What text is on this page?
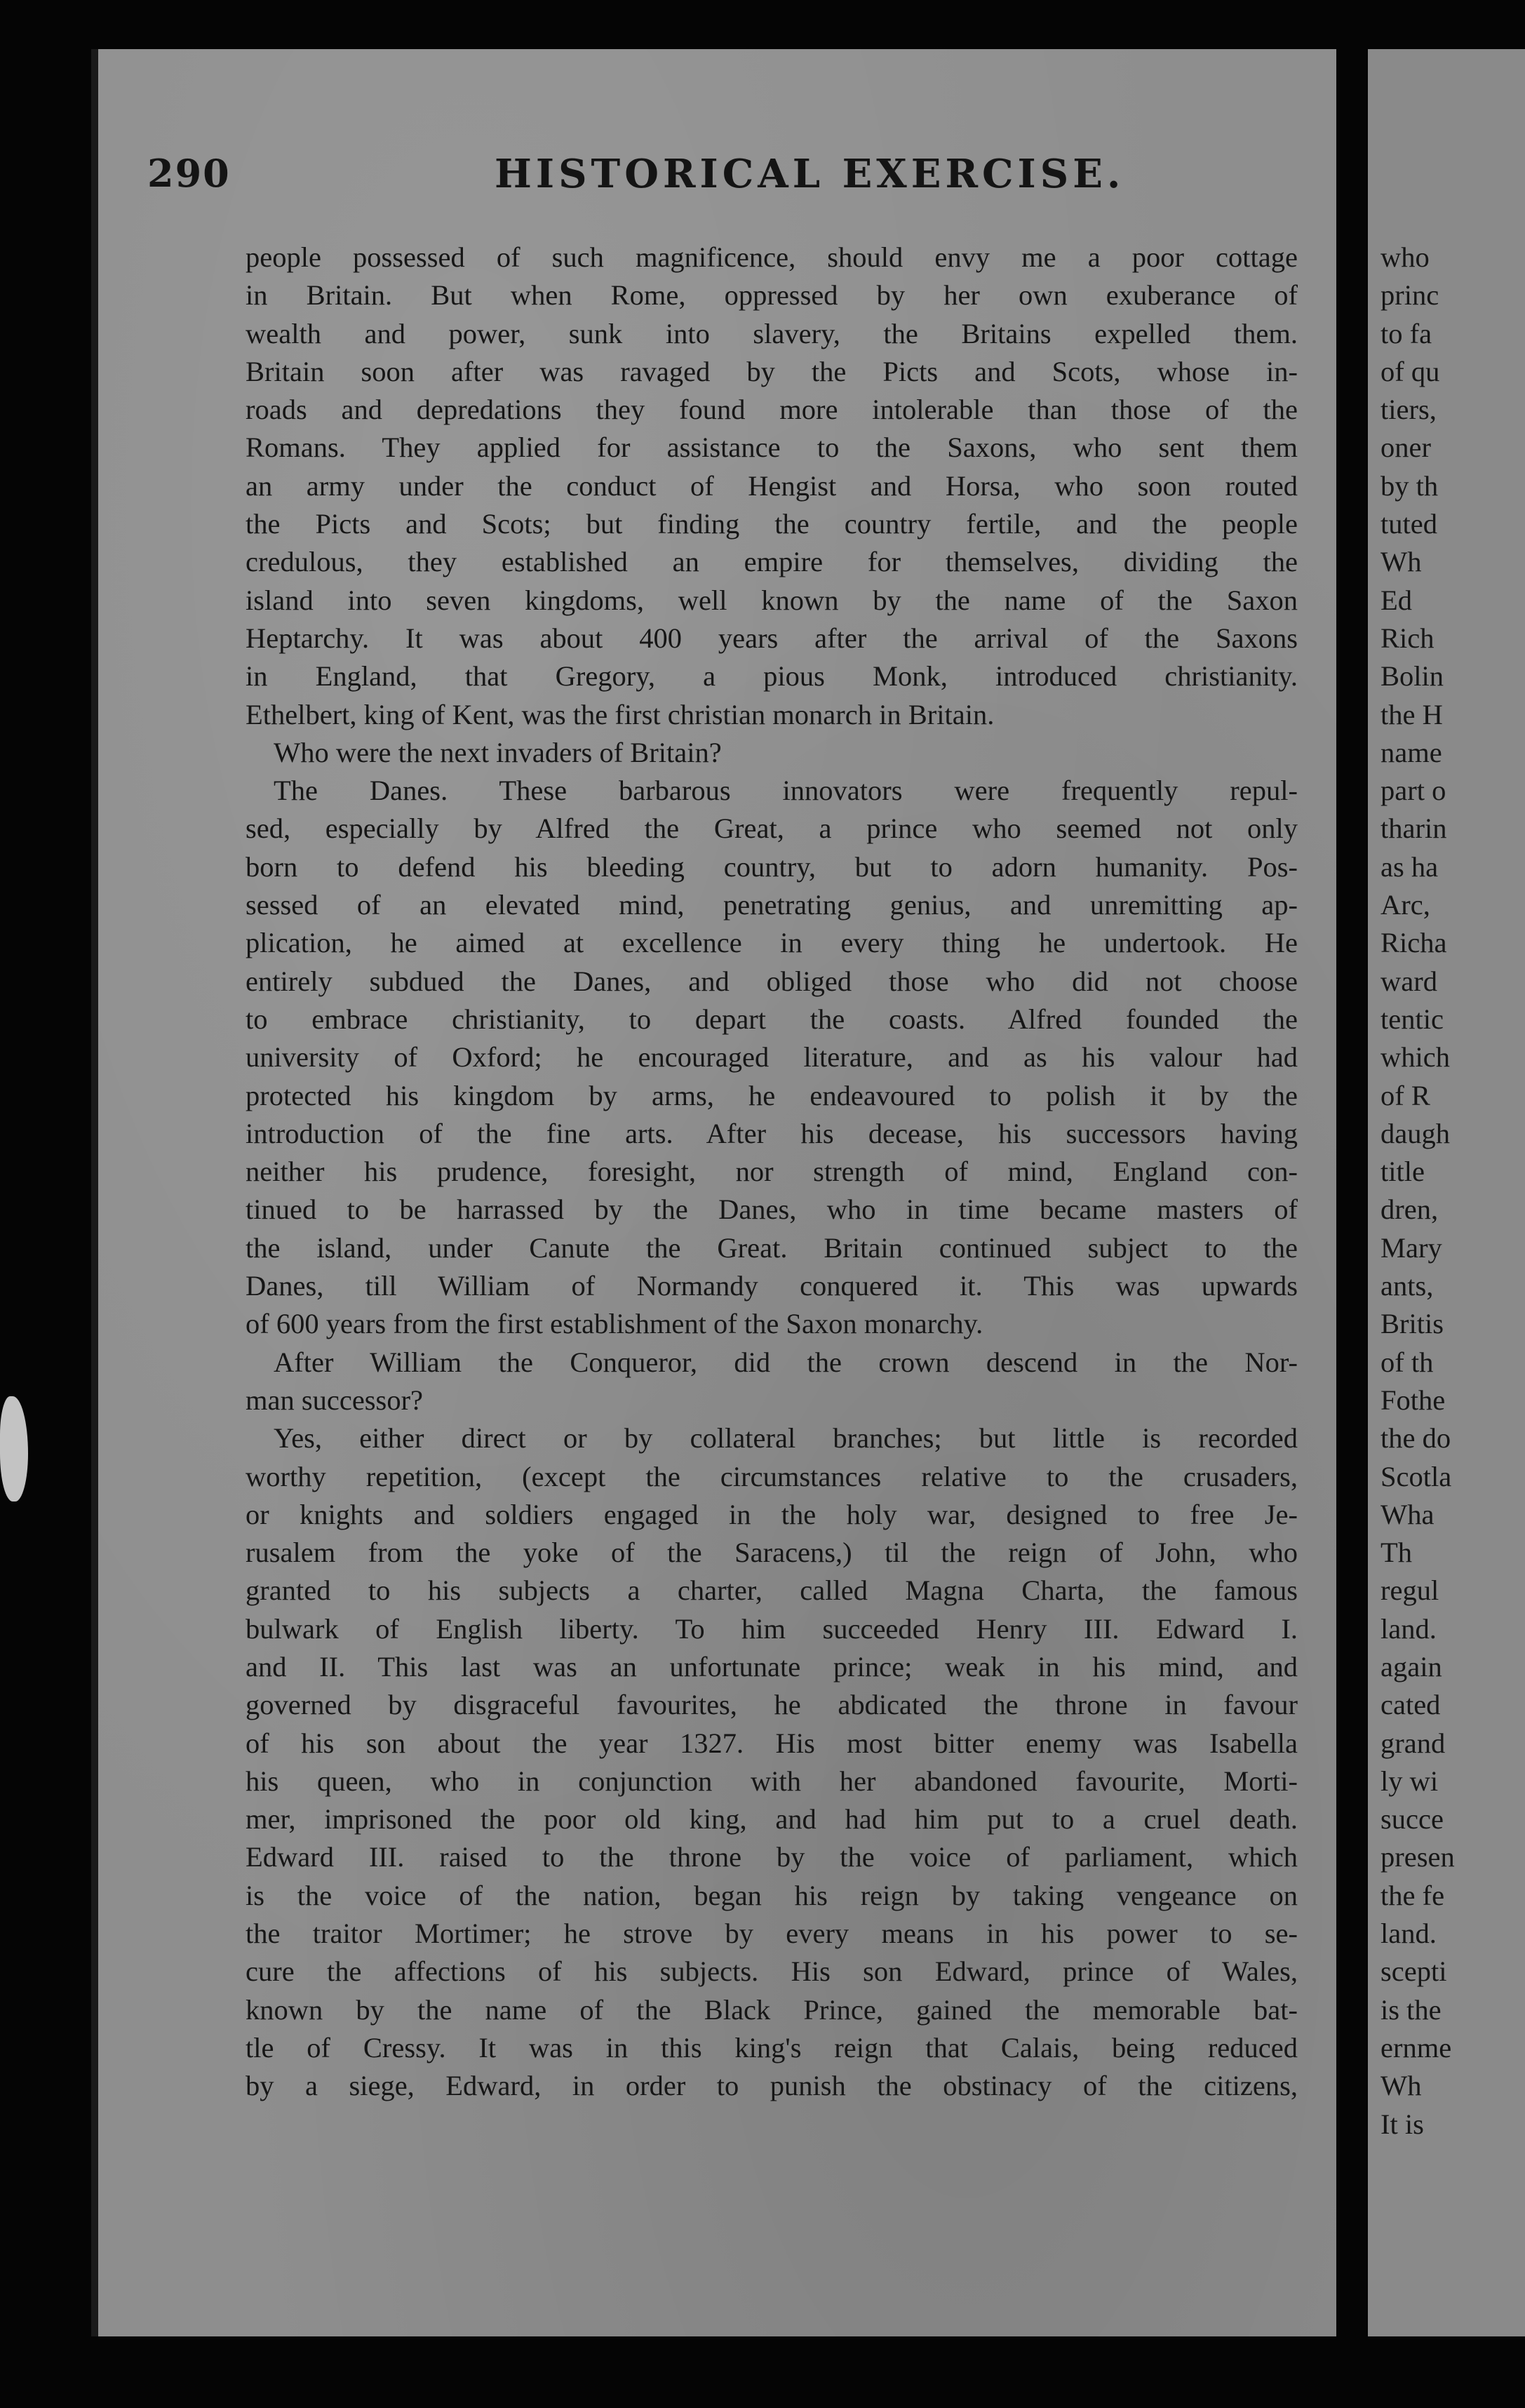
who
princ
to fa
of qu
tiers,
oner
by th
tuted
Wh
Ed
Rich
Bolin
the H
name
part o
tharin
as ha
Arc,
Richa
ward
tentic
which
of R
daugh
title
dren,
Mary
ants,
Britis
of th
Fothe
the do
Scotla
Wha
Th
regul
land.
again
cated
grand
ly wi
succe
presen
the fe
land.
scepti
is the
ernme
Wh
It is
290	HISTORICAL EXERCISE.
people possessed of such magnificence, should envy me a poor cottage
in Britain. But when Rome, oppressed by her own exuberance of
wealth and power, sunk into slavery, the Britains expelled them.
Britain soon after was ravaged by the Picts and Scots, whose in-
roads and depredations they found more intolerable than those of the
Romans. They applied for assistance to the Saxons, who sent them
an army under the conduct of Hengist and Horsa, who soon routed
the Picts and Scots; but finding the country fertile, and the people
credulous, they established an empire for themselves, dividing the
island into seven kingdoms, well known by the name of the Saxon
Heptarchy. It was about 400 years after the arrival of the Saxons
in England, that Gregory, a pious Monk, introduced christianity.
Ethelbert, king of Kent, was the first christian monarch in Britain.
Who were the next invaders of Britain?
The Danes. These barbarous innovators were frequently repul-
sed, especially by Alfred the Great, a prince who seemed not only
born to defend his bleeding country, but to adorn humanity. Pos-
sessed of an elevated mind, penetrating genius, and unremitting ap-
plication, he aimed at excellence in every thing he undertook. He
entirely subdued the Danes, and obliged those who did not choose
to embrace christianity, to depart the coasts. Alfred founded the
university of Oxford; he encouraged literature, and as his valour had
protected his kingdom by arms, he endeavoured to polish it by the
introduction of the fine arts. After his decease, his successors having
neither his prudence, foresight, nor strength of mind, England con-
tinued to be harrassed by the Danes, who in time became masters of
the island, under Canute the Great. Britain continued subject to the
Danes, till William of Normandy conquered it. This was upwards
of 600 years from the first establishment of the Saxon monarchy.
After William the Conqueror, did the crown descend in the Nor-
man successor?
Yes, either direct or by collateral branches; but little is recorded
worthy repetition, (except the circumstances relative to the crusaders,
or knights and soldiers engaged in the holy war, designed to free Je-
rusalem from the yoke of the Saracens,) til the reign of John, who
granted to his subjects a charter, called Magna Charta, the famous
bulwark of English liberty. To him succeeded Henry III. Edward I.
and II. This last was an unfortunate prince; weak in his mind, and
governed by disgraceful favourites, he abdicated the throne in favour
of his son about the year 1327. His most bitter enemy was Isabella
his queen, who in conjunction with her abandoned favourite, Morti-
mer, imprisoned the poor old king, and had him put to a cruel death.
Edward III. raised to the throne by the voice of parliament, which
is the voice of the nation, began his reign by taking vengeance on
the traitor Mortimer; he strove by every means in his power to se-
cure the affections of his subjects. His son Edward, prince of Wales,
known by the name of the Black Prince, gained the memorable bat-
tle of Cressy. It was in this king's reign that Calais, being reduced
by a siege, Edward, in order to punish the obstinacy of the citizens,
